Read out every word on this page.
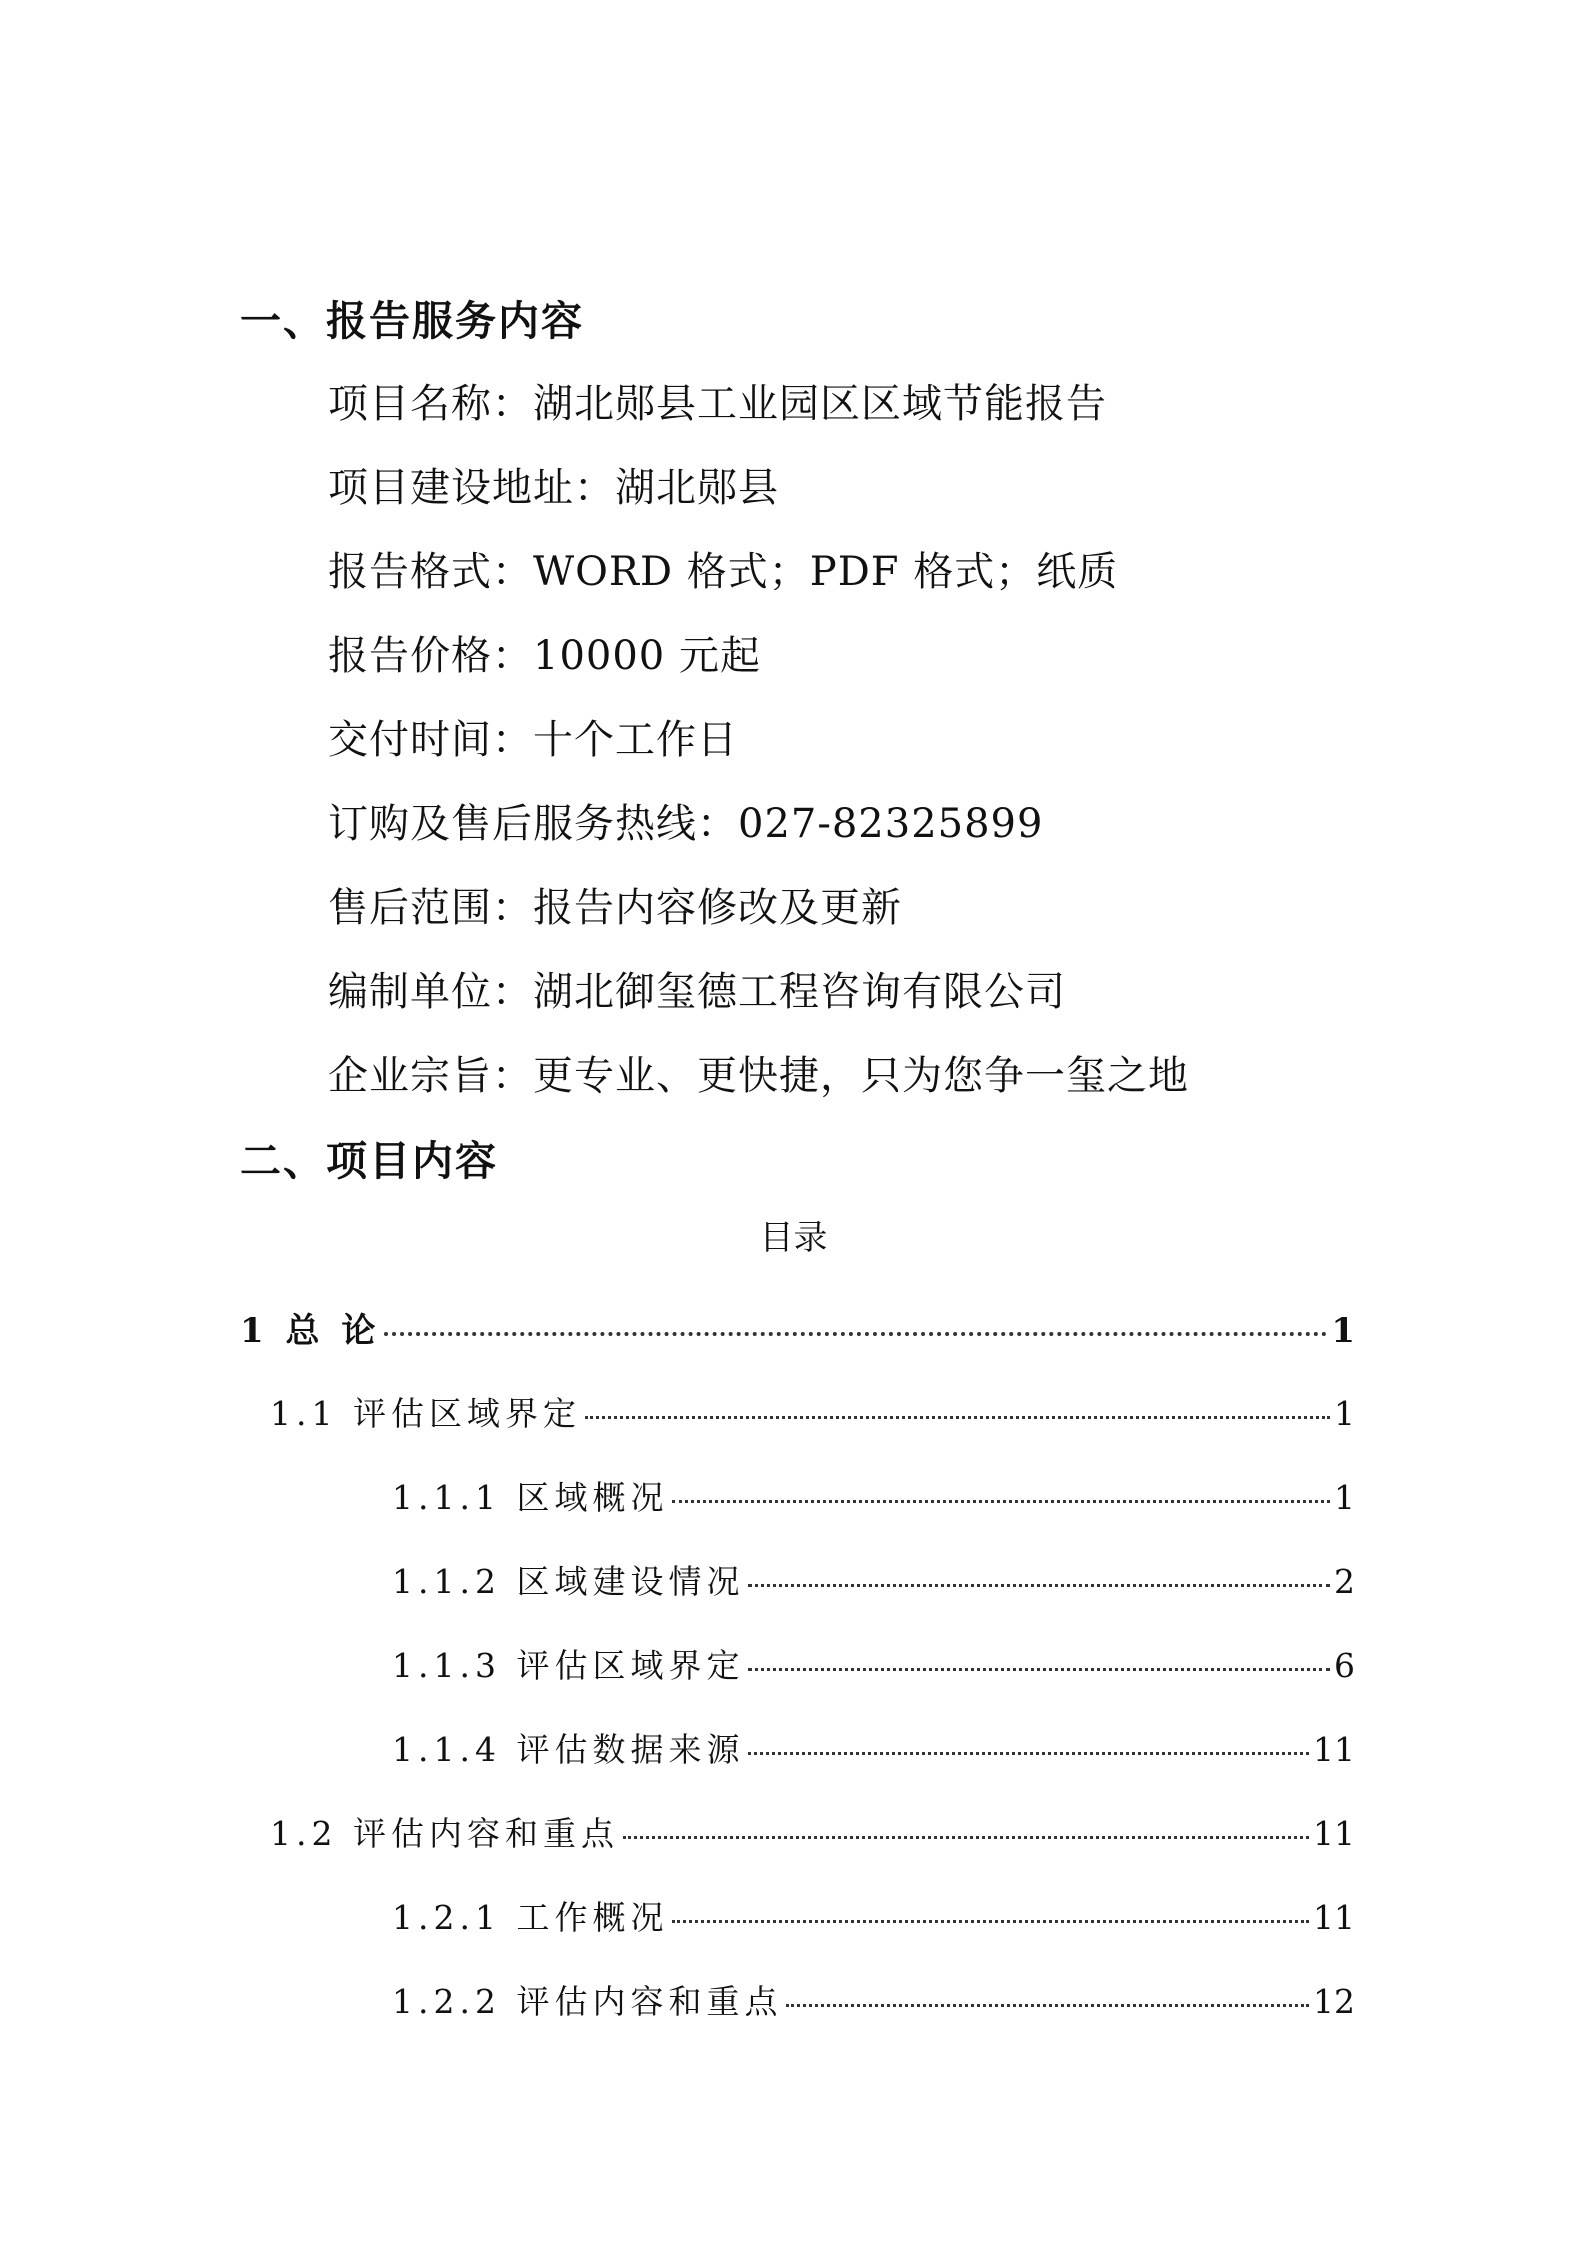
一、报告服务内容
项目名称：湖北郧县工业园区区域节能报告
项目建设地址：湖北郧县
报告格式：WORD 格式；PDF 格式；纸质
报告价格：10000 元起
交付时间：十个工作日
订购及售后服务热线：027-82325899
售后范围：报告内容修改及更新
编制单位：湖北御玺德工程咨询有限公司
企业宗旨：更专业、更快捷，只为您争一玺之地
二、项目内容
目录
1 总 论	1
1.1 评估区域界定	1
1.1.1 区域概况	1
1.1.2 区域建设情况	2
1.1.3 评估区域界定	6
1.1.4 评估数据来源	11
1.2 评估内容和重点	11
1.2.1 工作概况	11
1.2.2 评估内容和重点	12
